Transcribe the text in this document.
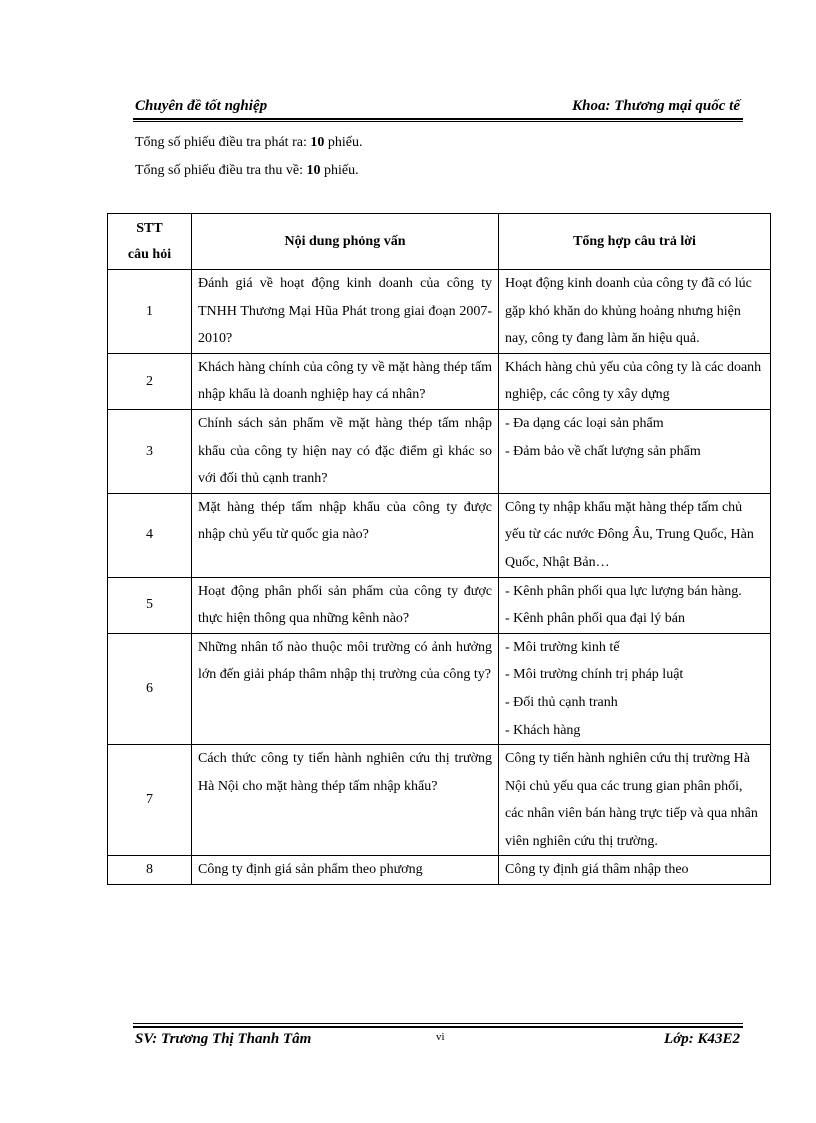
Chuyên đề tốt nghiệp	Khoa: Thương mại quốc tế
Tổng số phiếu điều tra phát ra: 10 phiếu.
Tổng số phiếu điều tra thu về: 10 phiếu.
STT
câu hỏi	Nội dung phỏng vấn	Tổng hợp câu trả lời
1	Đánh giá về hoạt động kinh doanh của công ty TNHH Thương Mại Hũa Phát trong giai đoạn 2007-2010?	Hoạt động kinh doanh của công ty đã có lúc gặp khó khăn do khủng hoảng nhưng hiện nay, công ty đang làm ăn hiệu quả.

2	Khách hàng chính của công ty về mặt hàng thép tấm nhập khẩu là doanh nghiệp hay cá nhân?	Khách hàng chủ yếu của công ty là các doanh nghiệp, các công ty xây dựng

3	Chính sách sản phẩm về mặt hàng thép tấm nhập khẩu của công ty hiện nay có đặc điểm gì khác so với đối thủ cạnh tranh?	- Đa dạng các loại sản phẩm
- Đảm bảo về chất lượng sản phẩm

4	Mặt hàng thép tấm nhập khẩu của công ty được nhập chủ yếu từ quốc gia nào?	Công ty nhập khẩu mặt hàng thép tấm chủ yếu từ các nước Đông Âu, Trung Quốc, Hàn Quốc, Nhật Bản…

5	Hoạt động phân phối sản phẩm của công ty được thực hiện thông qua những kênh nào?	- Kênh phân phối qua lực lượng bán hàng.
- Kênh phân phối qua đại lý bán

6	Những nhân tố nào thuộc môi trường có ảnh hưởng lớn đến giải pháp thâm nhập thị trường của công ty?	- Môi trường kinh tế
- Môi trường chính trị pháp luật
- Đối thủ cạnh tranh
- Khách hàng

7	Cách thức công ty tiến hành nghiên cứu thị trường Hà Nội cho mặt hàng thép tấm nhập khẩu?	Công ty tiến hành nghiên cứu thị trường Hà Nội chủ yếu qua các trung gian phân phối, các nhân viên bán hàng trực tiếp và qua nhân viên nghiên cứu thị trường.

8	Công ty định giá sản phẩm theo phương	Công ty định giá thâm nhập theo
SV: Trương Thị Thanh Tâm	vi	Lớp: K43E2
